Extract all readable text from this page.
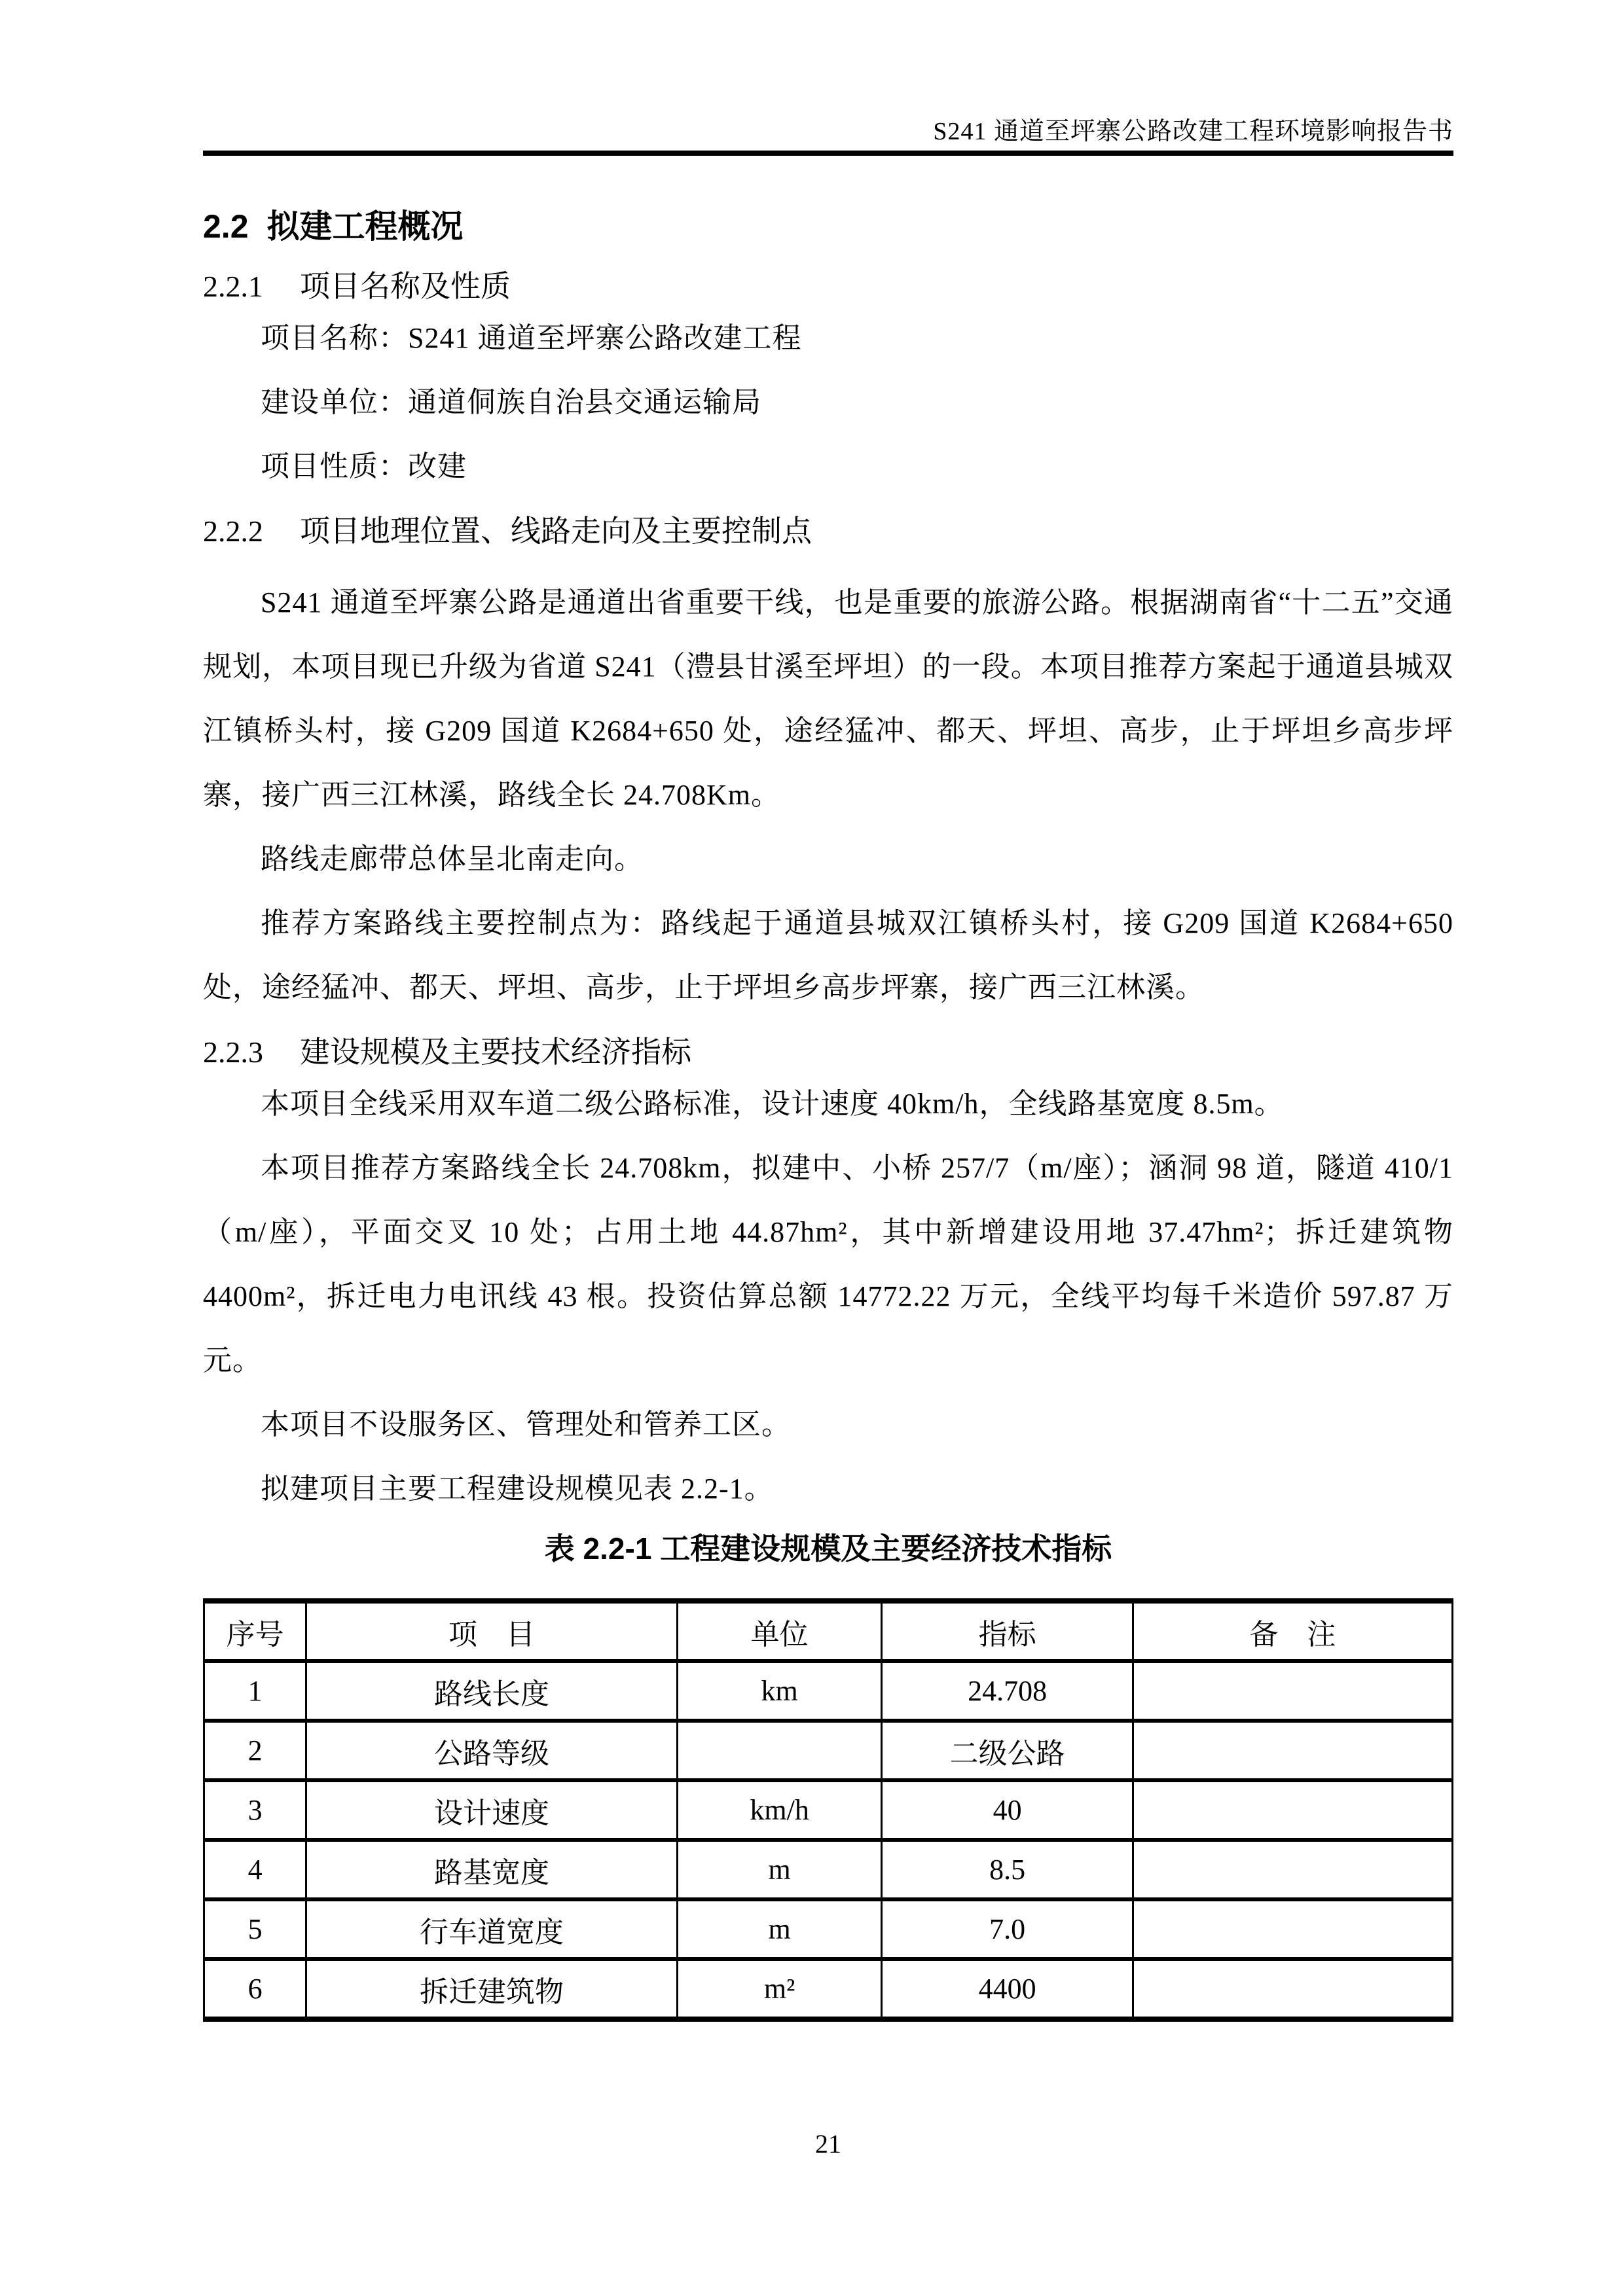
S241 通道至坪寨公路改建工程环境影响报告书
2.2 拟建工程概况
2.2.1 项目名称及性质

项目名称：S241 通道至坪寨公路改建工程

建设单位：通道侗族自治县交通运输局

项目性质：改建

2.2.2 项目地理位置、线路走向及主要控制点

S241 通道至坪寨公路是通道出省重要干线，也是重要的旅游公路。根据湖南省“十二五”交通规划，本项目现已升级为省道 S241（澧县甘溪至坪坦）的一段。本项目推荐方案起于通道县城双江镇桥头村，接 G209 国道 K2684+650 处，途经猛冲、都天、坪坦、高步，止于坪坦乡高步坪寨，接广西三江林溪，路线全长 24.708Km。

路线走廊带总体呈北南走向。

推荐方案路线主要控制点为：路线起于通道县城双江镇桥头村，接 G209 国道 K2684+650 处，途经猛冲、都天、坪坦、高步，止于坪坦乡高步坪寨，接广西三江林溪。

2.2.3 建设规模及主要技术经济指标

本项目全线采用双车道二级公路标准，设计速度 40km/h，全线路基宽度 8.5m。

本项目推荐方案路线全长 24.708km，拟建中、小桥 257/7（m/座）；涵洞 98 道，隧道 410/1（m/座），平面交叉 10 处；占用土地 44.87hm²，其中新增建设用地 37.47hm²；拆迁建筑物 4400m²，拆迁电力电讯线 43 根。投资估算总额 14772.22 万元，全线平均每千米造价 597.87 万元。

本项目不设服务区、管理处和管养工区。

拟建项目主要工程建设规模见表 2.2-1。

表 2.2-1 工程建设规模及主要经济技术指标
序号	项　目	单位	指标	备　注
1	路线长度	km	24.708	
2	公路等级		二级公路	
3	设计速度	km/h	40	
4	路基宽度	m	8.5	
5	行车道宽度	m	7.0	
6	拆迁建筑物	m²	4400	
21
